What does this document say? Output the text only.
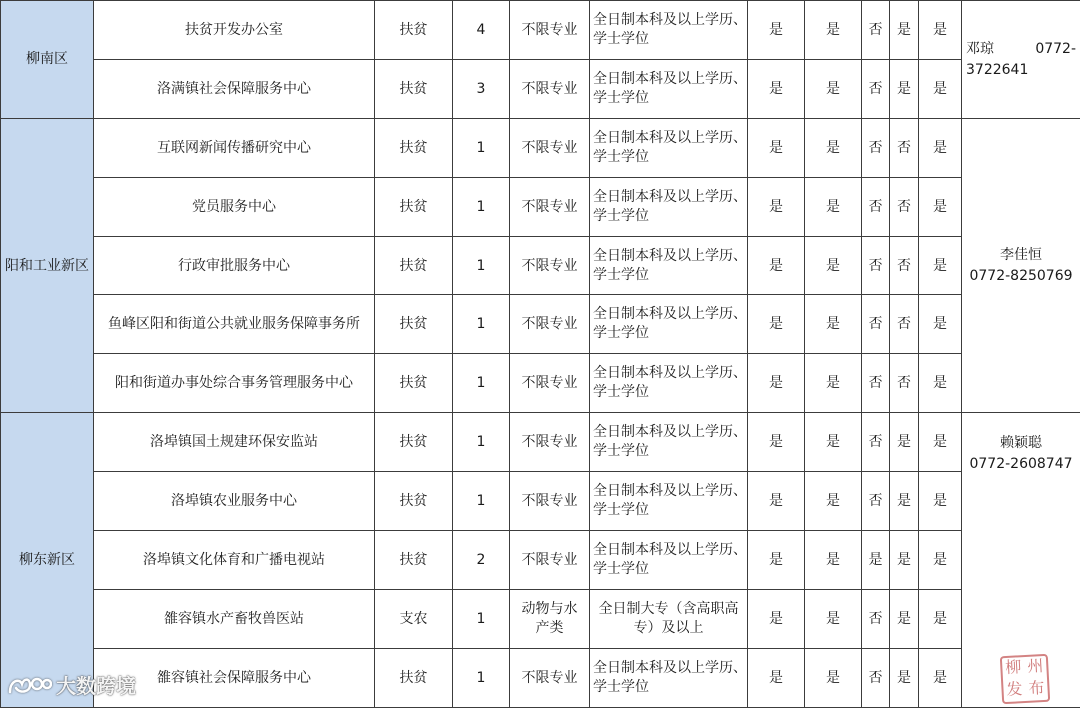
柳南区	扶贫开发办公室	扶贫	4	不限专业	全日制本科及以上学历、学士学位	是	是	否	是	是	邓琼 0772-
3722641

	洛满镇社会保障服务中心	扶贫	3	不限专业	全日制本科及以上学历、学士学位	是	是	否	是	是	
阳和工业新区	互联网新闻传播研究中心	扶贫	1	不限专业	全日制本科及以上学历、学士学位	是	是	否	否	是	李佳恒
0772-8250769

	党员服务中心	扶贫	1	不限专业	全日制本科及以上学历、学士学位	是	是	否	否	是	
	行政审批服务中心	扶贫	1	不限专业	全日制本科及以上学历、学士学位	是	是	否	否	是	
	鱼峰区阳和街道公共就业服务保障事务所	扶贫	1	不限专业	全日制本科及以上学历、学士学位	是	是	否	否	是	
	阳和街道办事处综合事务管理服务中心	扶贫	1	不限专业	全日制本科及以上学历、学士学位	是	是	否	否	是	
柳东新区	洛埠镇国土规建环保安监站	扶贫	1	不限专业	全日制本科及以上学历、学士学位	是	是	否	是	是	赖颖聪
0772-2608747

	洛埠镇农业服务中心	扶贫	1	不限专业	全日制本科及以上学历、学士学位	是	是	否	是	是	
	洛埠镇文化体育和广播电视站	扶贫	2	不限专业	全日制本科及以上学历、学士学位	是	是	是	是	是	
	雒容镇水产畜牧兽医站	支农	1	动物与水产类	全日制大专（含高职高专）及以上	是	是	否	是	是	
	雒容镇社会保障服务中心	扶贫	1	不限专业	全日制本科及以上学历、学士学位	是	是	否	是	是	
大数跨境
柳 州
发 布
